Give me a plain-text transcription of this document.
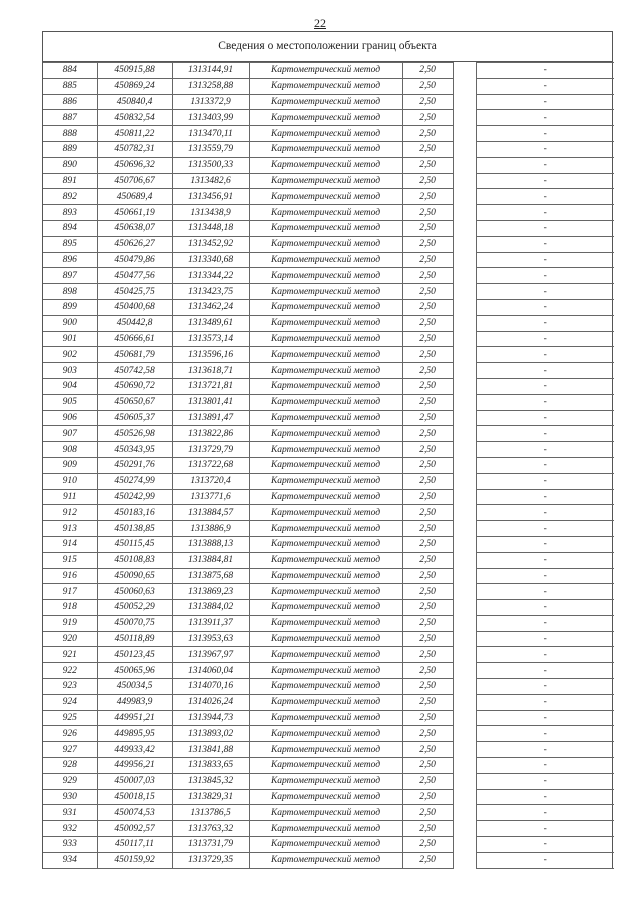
22
Сведения о местоположении границ объекта
884	450915,88	1313144,91	Картометрический метод	2,50		-
885	450869,24	1313258,88	Картометрический метод	2,50		-
886	450840,4	1313372,9	Картометрический метод	2,50		-
887	450832,54	1313403,99	Картометрический метод	2,50		-
888	450811,22	1313470,11	Картометрический метод	2,50		-
889	450782,31	1313559,79	Картометрический метод	2,50		-
890	450696,32	1313500,33	Картометрический метод	2,50		-
891	450706,67	1313482,6	Картометрический метод	2,50		-
892	450689,4	1313456,91	Картометрический метод	2,50		-
893	450661,19	1313438,9	Картометрический метод	2,50		-
894	450638,07	1313448,18	Картометрический метод	2,50		-
895	450626,27	1313452,92	Картометрический метод	2,50		-
896	450479,86	1313340,68	Картометрический метод	2,50		-
897	450477,56	1313344,22	Картометрический метод	2,50		-
898	450425,75	1313423,75	Картометрический метод	2,50		-
899	450400,68	1313462,24	Картометрический метод	2,50		-
900	450442,8	1313489,61	Картометрический метод	2,50		-
901	450666,61	1313573,14	Картометрический метод	2,50		-
902	450681,79	1313596,16	Картометрический метод	2,50		-
903	450742,58	1313618,71	Картометрический метод	2,50		-
904	450690,72	1313721,81	Картометрический метод	2,50		-
905	450650,67	1313801,41	Картометрический метод	2,50		-
906	450605,37	1313891,47	Картометрический метод	2,50		-
907	450526,98	1313822,86	Картометрический метод	2,50		-
908	450343,95	1313729,79	Картометрический метод	2,50		-
909	450291,76	1313722,68	Картометрический метод	2,50		-
910	450274,99	1313720,4	Картометрический метод	2,50		-
911	450242,99	1313771,6	Картометрический метод	2,50		-
912	450183,16	1313884,57	Картометрический метод	2,50		-
913	450138,85	1313886,9	Картометрический метод	2,50		-
914	450115,45	1313888,13	Картометрический метод	2,50		-
915	450108,83	1313884,81	Картометрический метод	2,50		-
916	450090,65	1313875,68	Картометрический метод	2,50		-
917	450060,63	1313869,23	Картометрический метод	2,50		-
918	450052,29	1313884,02	Картометрический метод	2,50		-
919	450070,75	1313911,37	Картометрический метод	2,50		-
920	450118,89	1313953,63	Картометрический метод	2,50		-
921	450123,45	1313967,97	Картометрический метод	2,50		-
922	450065,96	1314060,04	Картометрический метод	2,50		-
923	450034,5	1314070,16	Картометрический метод	2,50		-
924	449983,9	1314026,24	Картометрический метод	2,50		-
925	449951,21	1313944,73	Картометрический метод	2,50		-
926	449895,95	1313893,02	Картометрический метод	2,50		-
927	449933,42	1313841,88	Картометрический метод	2,50		-
928	449956,21	1313833,65	Картометрический метод	2,50		-
929	450007,03	1313845,32	Картометрический метод	2,50		-
930	450018,15	1313829,31	Картометрический метод	2,50		-
931	450074,53	1313786,5	Картометрический метод	2,50		-
932	450092,57	1313763,32	Картометрический метод	2,50		-
933	450117,11	1313731,79	Картометрический метод	2,50		-
934	450159,92	1313729,35	Картометрический метод	2,50		-
